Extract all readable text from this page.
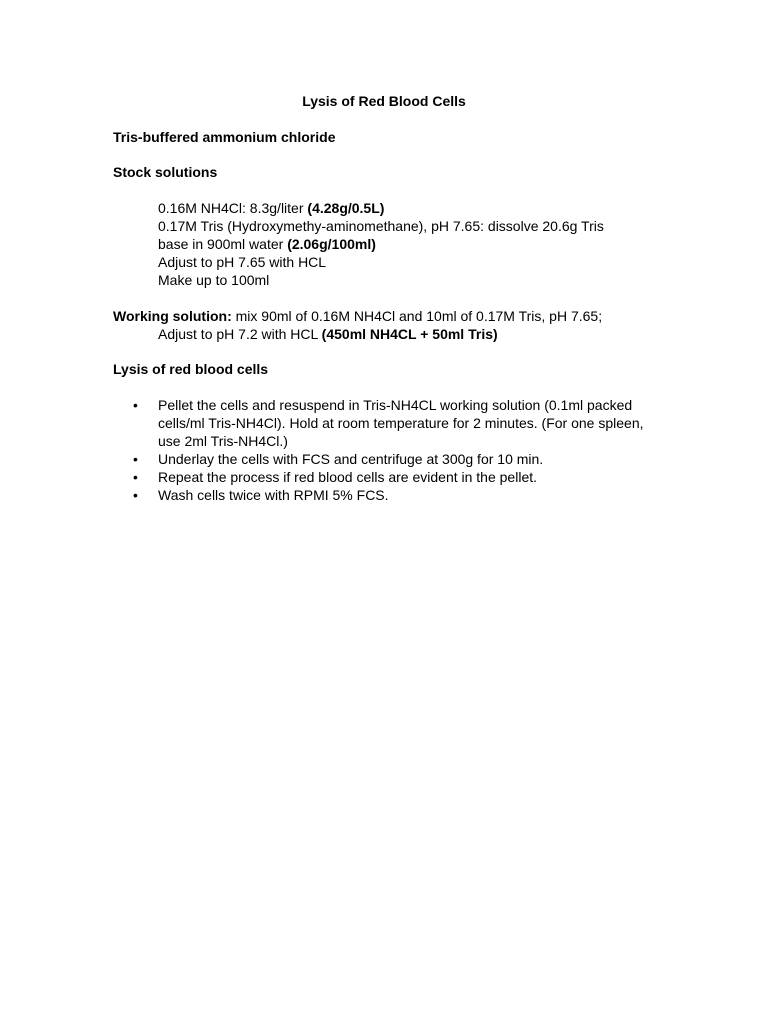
Lysis of Red Blood Cells
Tris-buffered ammonium chloride
Stock solutions
0.16M NH4Cl: 8.3g/liter (4.28g/0.5L)
0.17M Tris (Hydroxymethy-aminomethane), pH 7.65: dissolve 20.6g Tris
base in 900ml water (2.06g/100ml)
Adjust to pH 7.65 with HCL
Make up to 100ml
Working solution: mix 90ml of 0.16M NH4Cl and 10ml of 0.17M Tris, pH 7.65;
Adjust to pH 7.2 with HCL (450ml NH4CL + 50ml Tris)
Lysis of red blood cells
• Pellet the cells and resuspend in Tris-NH4CL working solution (0.1ml packed cells/ml Tris-NH4Cl). Hold at room temperature for 2 minutes. (For one spleen, use 2ml Tris-NH4Cl.)
• Underlay the cells with FCS and centrifuge at 300g for 10 min.
• Repeat the process if red blood cells are evident in the pellet.
• Wash cells twice with RPMI 5% FCS.
